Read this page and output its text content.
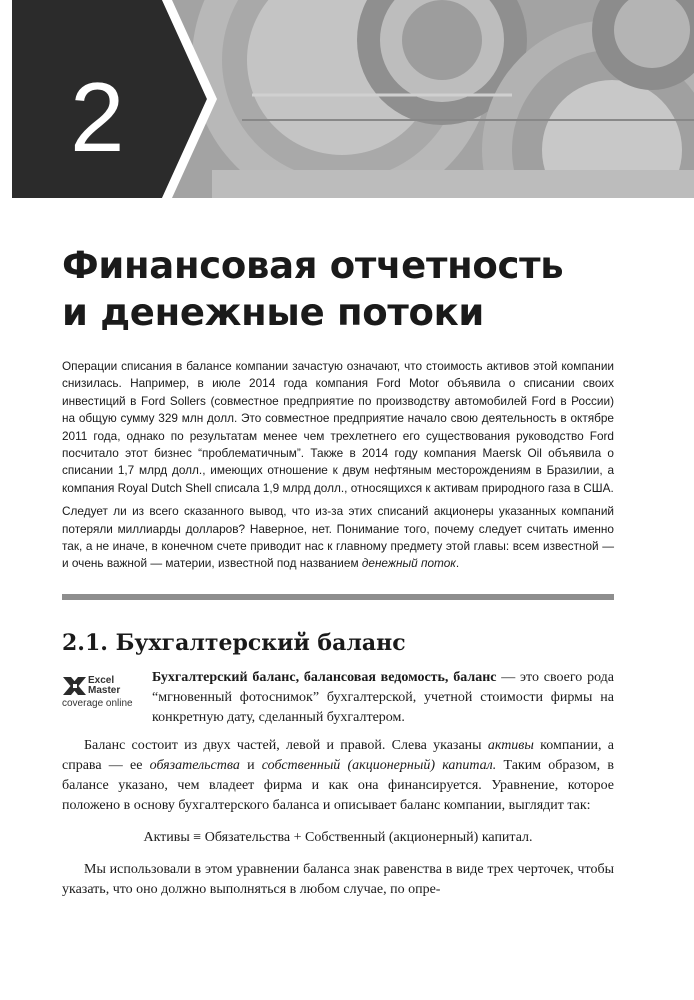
2
Финансовая отчетность
и денежные потоки

Операции списания в балансе компании зачастую означают, что стоимость активов этой компании снизилась. Например, в июле 2014 года компания Ford Motor объявила о списании своих инвестиций в Ford Sollers (совместное предприятие по производству автомобилей Ford в России) на общую сумму 329 млн долл. Это совместное предприятие начало свою деятельность в октябре 2011 года, однако по результатам менее чем трехлетнего его существования руководство Ford посчитало этот бизнес “проблематичным”. Также в 2014 году компания Maersk Oil объявила о списании 1,7 млрд долл., имеющих отношение к двум нефтяным месторождениям в Бразилии, а компания Royal Dutch Shell списала 1,9 млрд долл., относящихся к активам природного газа в США.

Следует ли из всего сказанного вывод, что из-за этих списаний акционеры указанных компаний потеряли миллиарды долларов? Наверное, нет. Понимание того, почему следует считать именно так, а не иначе, в конечном счете приводит нас к главному предмету этой главы: всем известной — и очень важной — материи, известной под названием денежный поток.

2.1. Бухгалтерский баланс
Excel
Master
coverage online
Бухгалтерский баланс, балансовая ведомость, баланс — это своего рода “мгновенный фотоснимок” бухгалтерской, учетной стоимости фирмы на конкретную дату, сделанный бухгалтером.

Баланс состоит из двух частей, левой и правой. Слева указаны активы компании, а справа — ее обязательства и собственный (акционерный) капитал. Таким образом, в балансе указано, чем владеет фирма и как она финансируется. Уравнение, которое положено в основу бухгалтерского баланса и описывает баланс компании, выглядит так:

Активы ≡ Обязательства + Собственный (акционерный) капитал.

Мы использовали в этом уравнении баланса знак равенства в виде трех черточек, чтобы указать, что оно должно выполняться в любом случае, по опре-
